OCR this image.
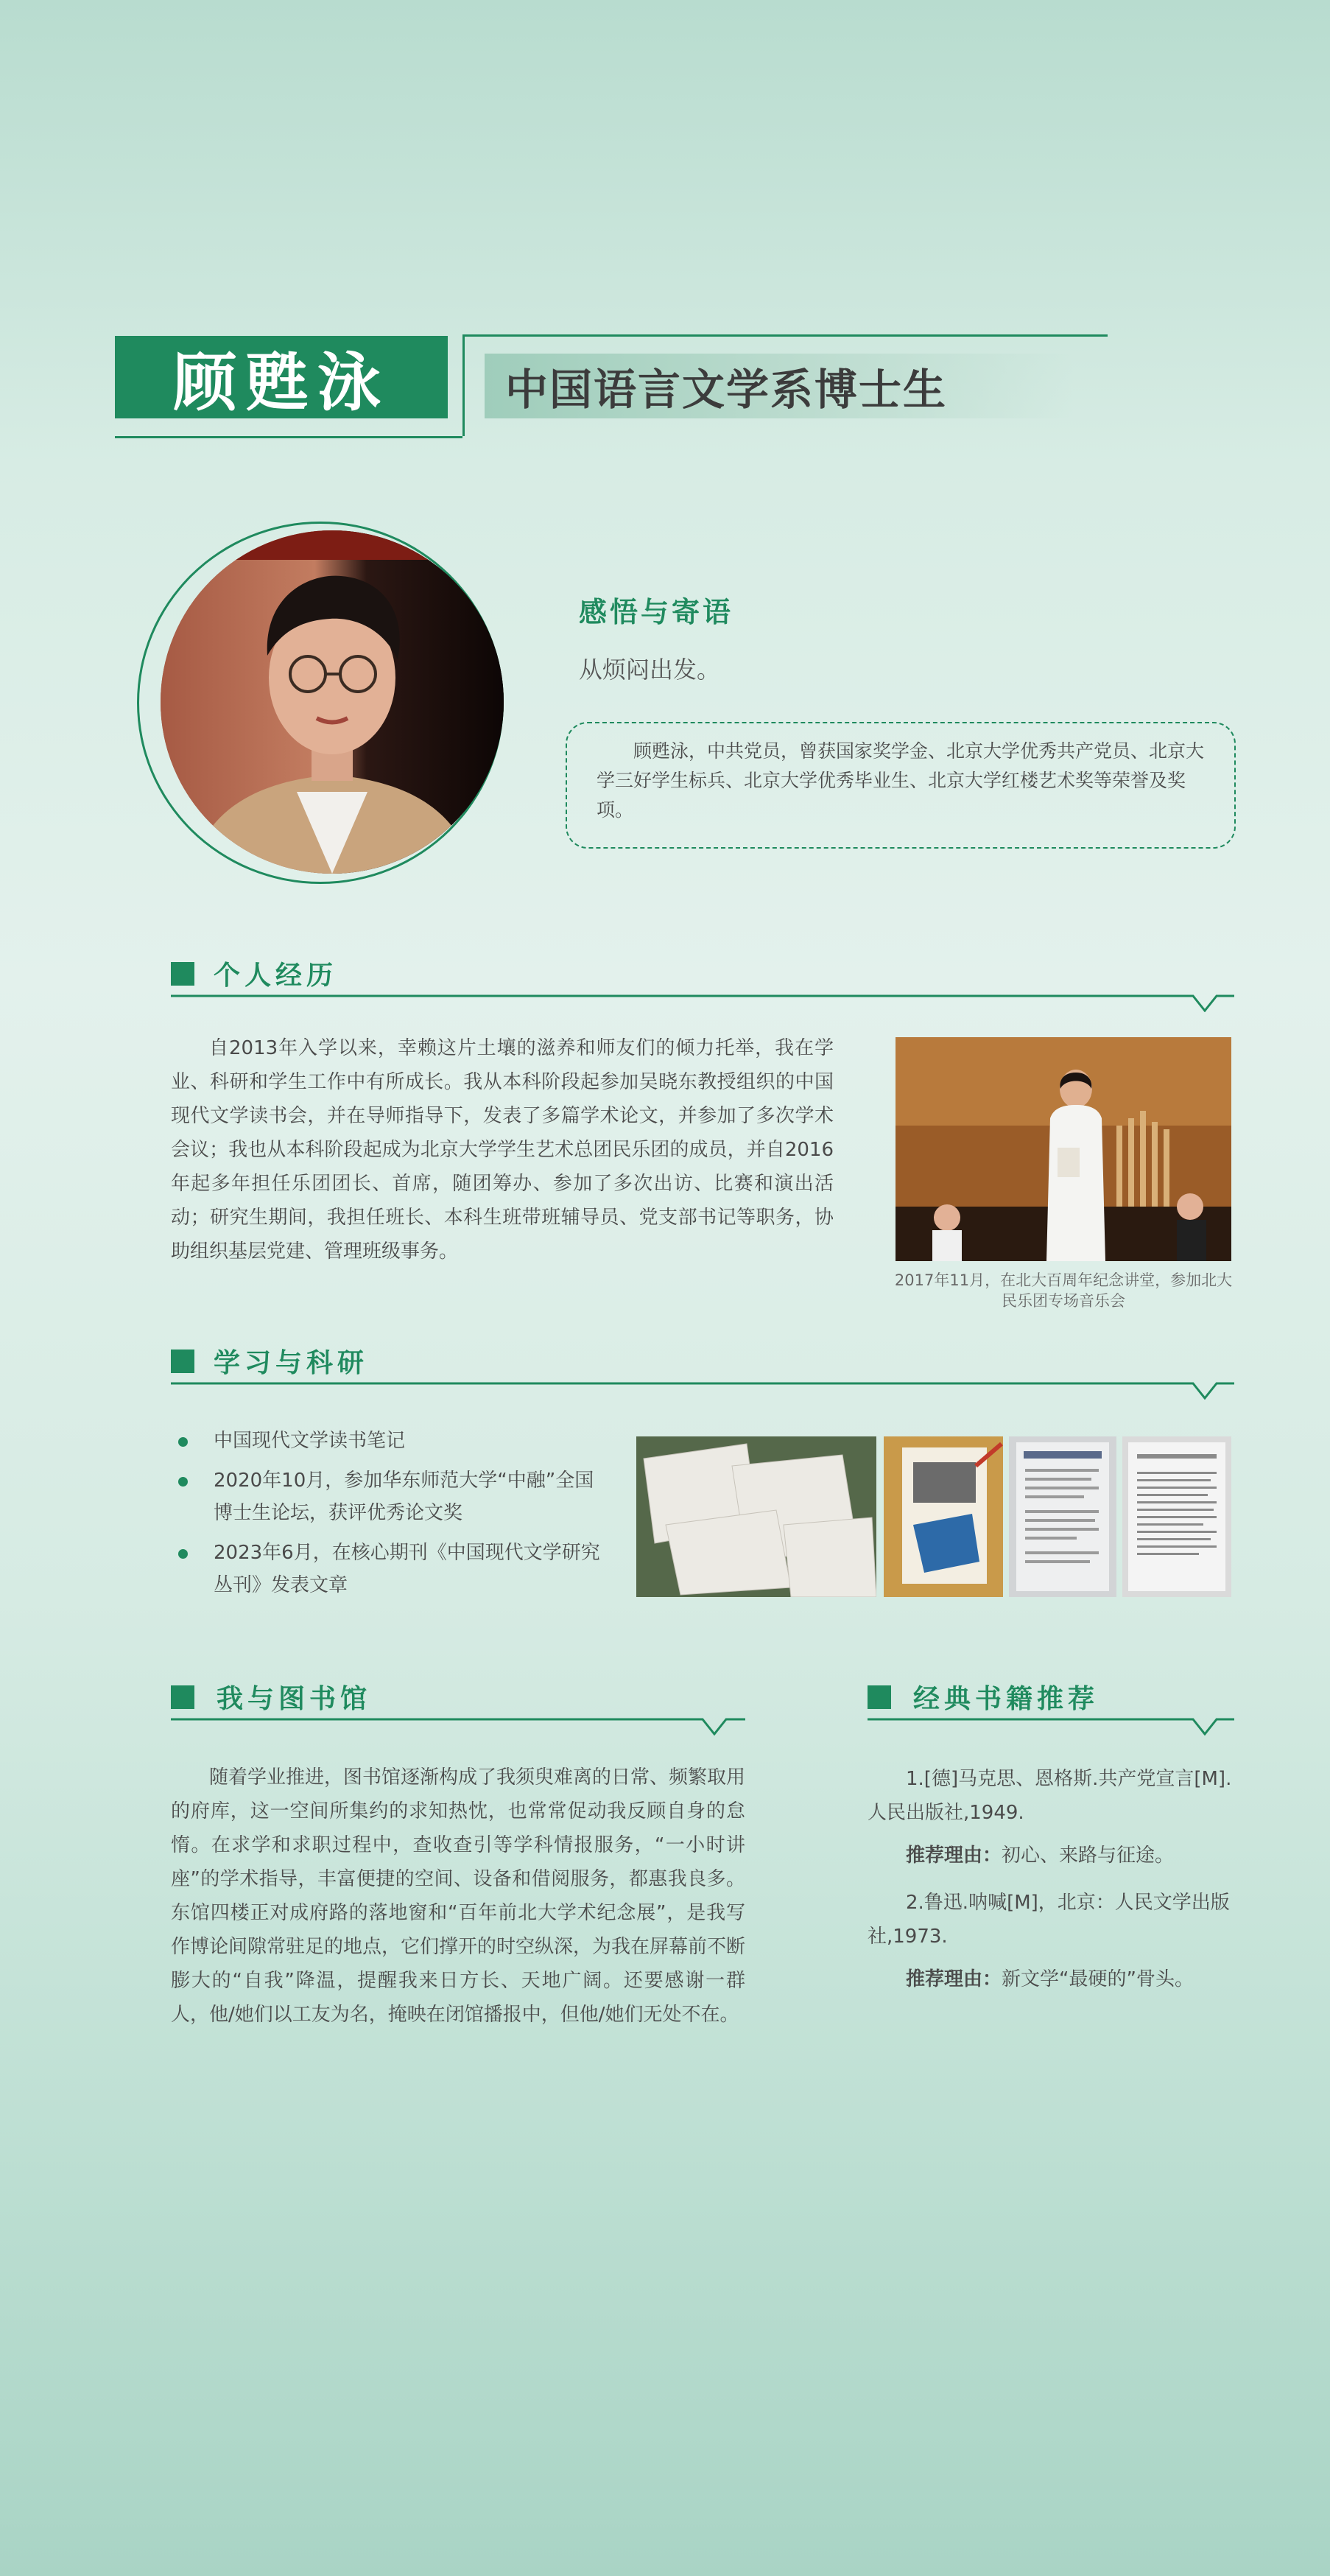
顾甦泳	中国语言文学系博士生
感悟与寄语
从烦闷出发。
顾甦泳，中共党员，曾获国家奖学金、北京大学优秀共产党员、北京大学三好学生标兵、北京大学优秀毕业生、北京大学红楼艺术奖等荣誉及奖项。
个人经历

自2013年入学以来，幸赖这片土壤的滋养和师友们的倾力托举，我在学业、科研和学生工作中有所成长。我从本科阶段起参加吴晓东教授组织的中国现代文学读书会，并在导师指导下，发表了多篇学术论文，并参加了多次学术会议；我也从本科阶段起成为北京大学学生艺术总团民乐团的成员，并自2016年起多年担任乐团团长、首席，随团筹办、参加了多次出访、比赛和演出活动；研究生期间，我担任班长、本科生班带班辅导员、党支部书记等职务，协助组织基层党建、管理班级事务。

2017年11月，在北大百周年纪念讲堂，参加北大
民乐团专场音乐会
学习与科研
中国现代文学读书笔记
2020年10月，参加华东师范大学“中融”全国博士生论坛，获评优秀论文奖
2023年6月，在核心期刊《中国现代文学研究丛刊》发表文章
我与图书馆

随着学业推进，图书馆逐渐构成了我须臾难离的日常、频繁取用的府库，这一空间所集约的求知热忱，也常常促动我反顾自身的怠惰。在求学和求职过程中，查收查引等学科情报服务，“一小时讲座”的学术指导，丰富便捷的空间、设备和借阅服务，都惠我良多。东馆四楼正对成府路的落地窗和“百年前北大学术纪念展”，是我写作博论间隙常驻足的地点，它们撑开的时空纵深，为我在屏幕前不断膨大的“自我”降温，提醒我来日方长、天地广阔。还要感谢一群人，他/她们以工友为名，掩映在闭馆播报中，但他/她们无处不在。

经典书籍推荐

1.[德]马克思、恩格斯.共产党宣言[M].人民出版社,1949.

推荐理由：初心、来路与征途。

2.鲁迅.呐喊[M]，北京：人民文学出版社,1973.

推荐理由：新文学“最硬的”骨头。
